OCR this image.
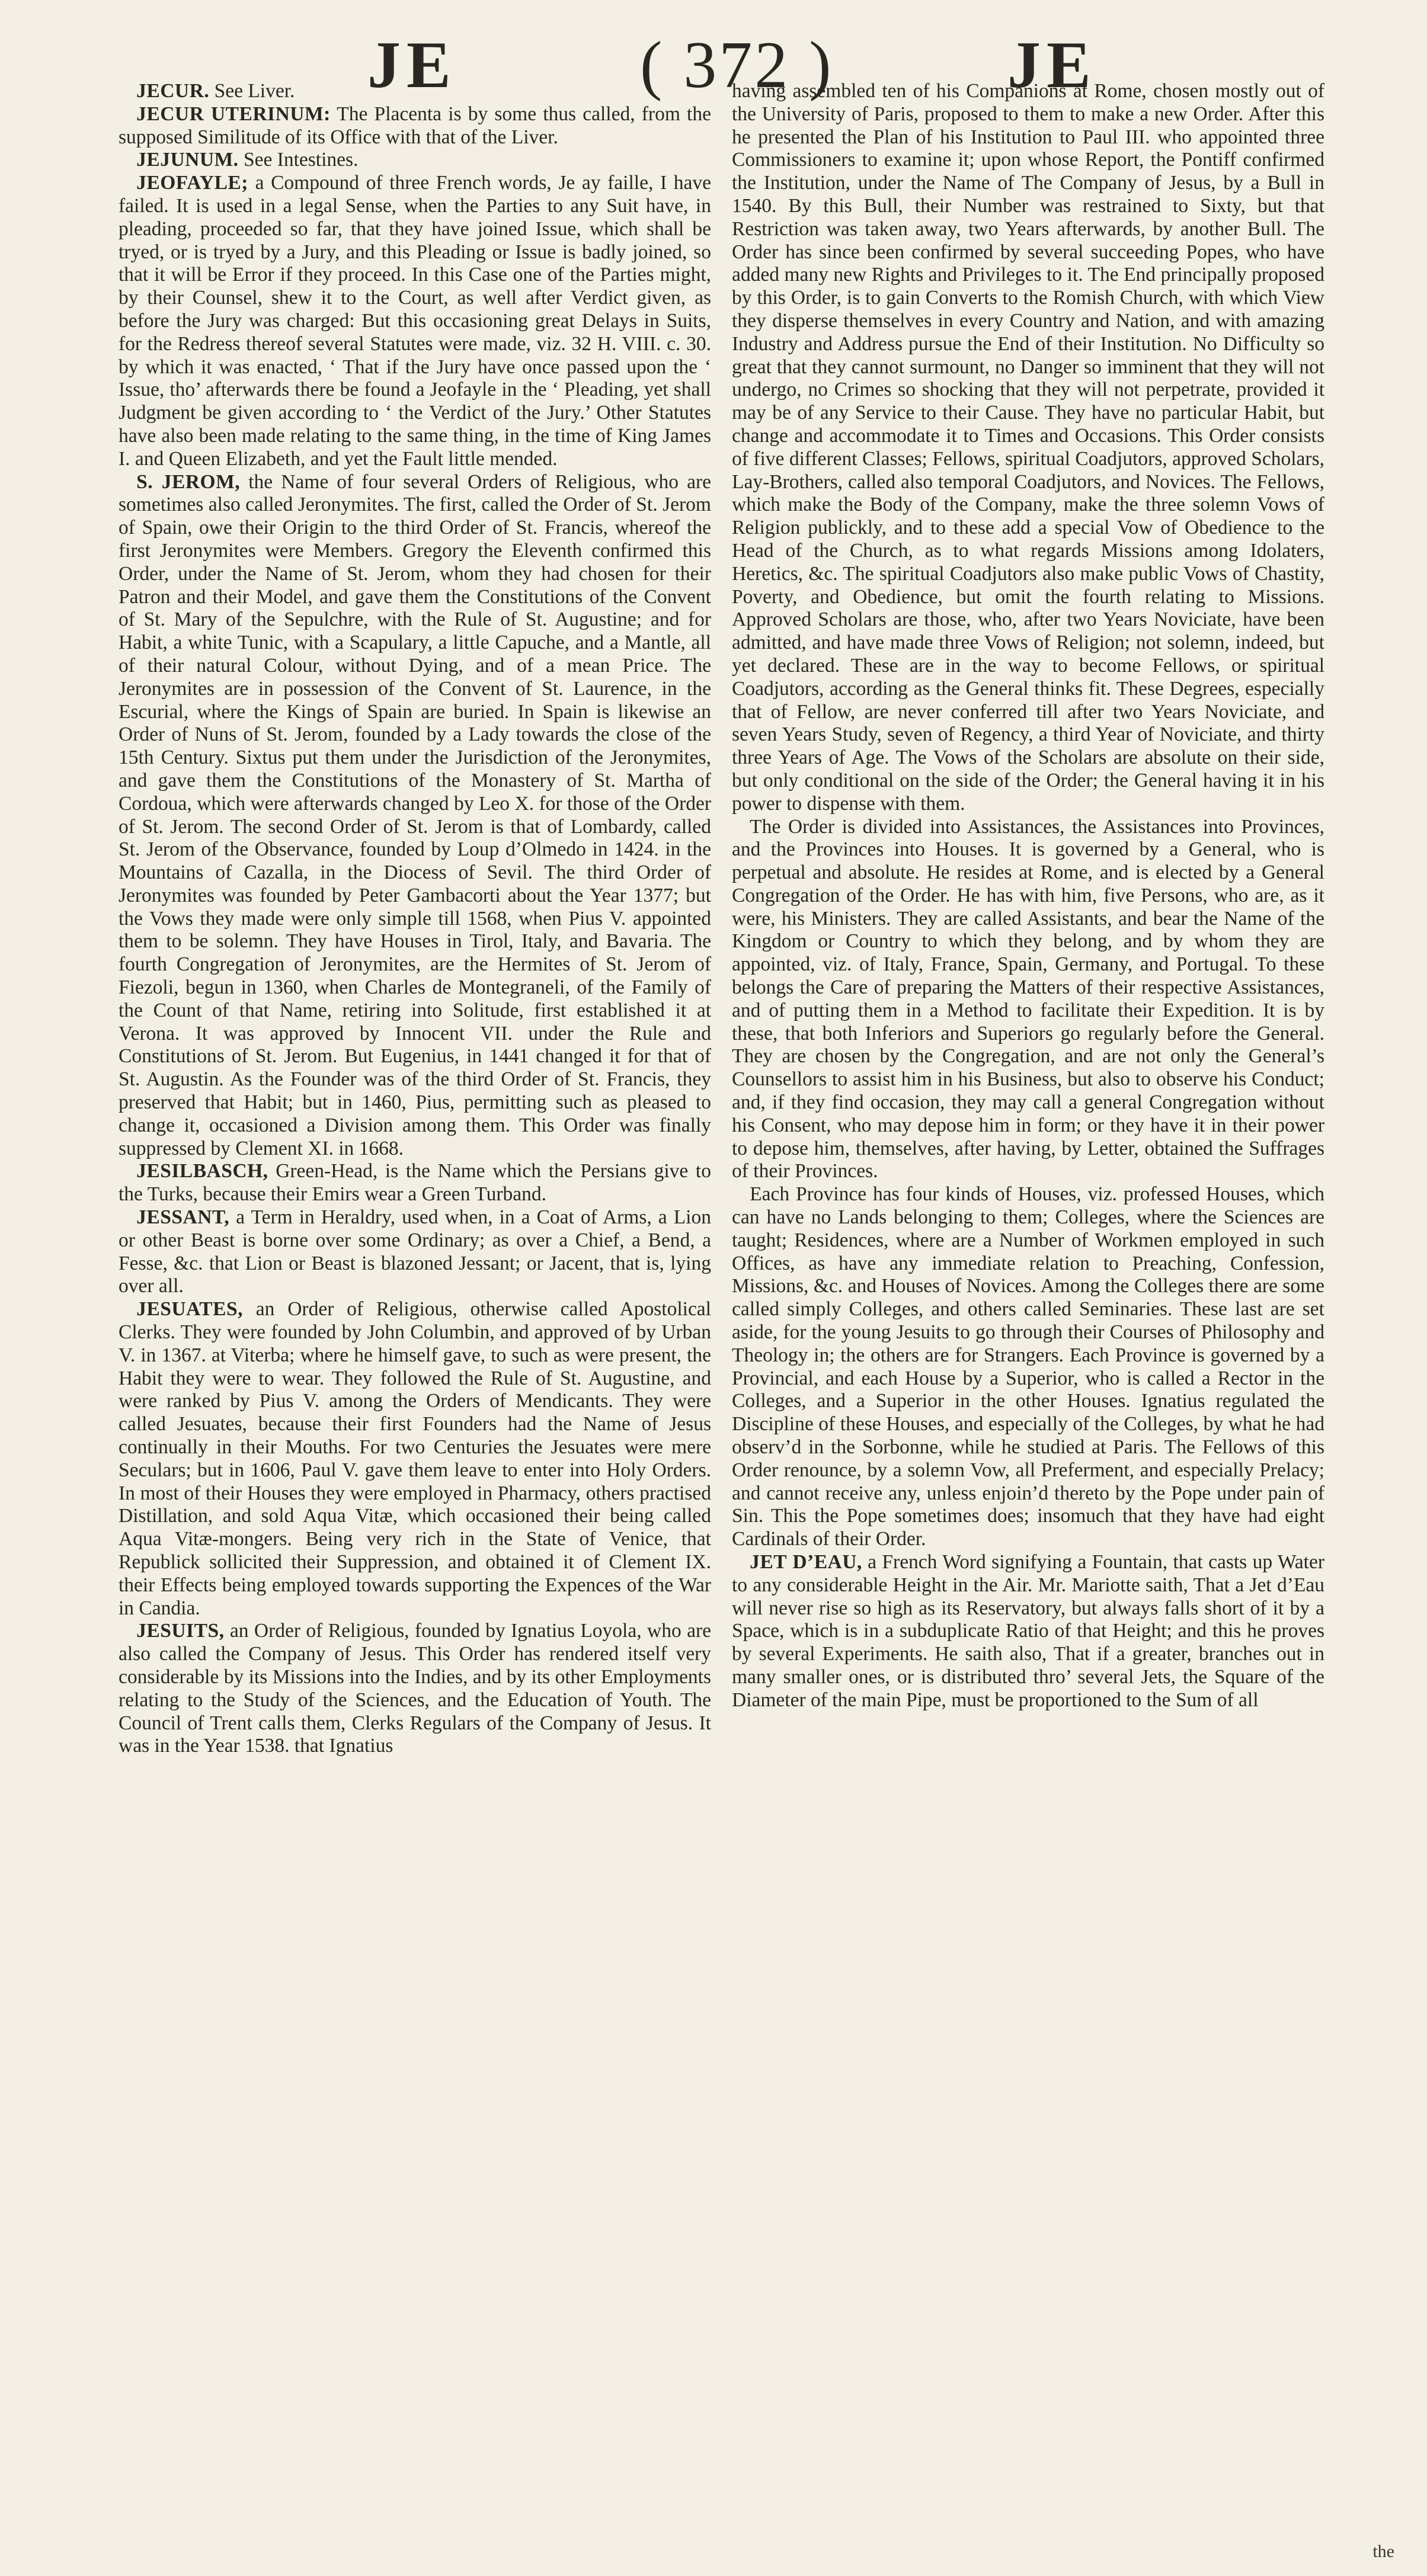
JE	( 372 )	JE

JECUR. See Liver.

JECUR UTERINUM: The Placenta is by some thus called, from the supposed Similitude of its Office with that of the Liver.

JEJUNUM. See Intestines.

JEOFAYLE; a Compound of three French words, Je ay faille, I have failed. It is used in a legal Sense, when the Parties to any Suit have, in pleading, proceeded so far, that they have joined Issue, which shall be tryed, or is tryed by a Jury, and this Pleading or Issue is badly joined, so that it will be Error if they proceed. In this Case one of the Parties might, by their Counsel, shew it to the Court, as well after Verdict given, as before the Jury was charged: But this occasioning great Delays in Suits, for the Redress thereof several Statutes were made, viz. 32 H. VIII. c. 30. by which it was enacted, ‘ That if the Jury have once passed upon the ‘ Issue, tho’ afterwards there be found a Jeofayle in the ‘ Pleading, yet shall Judgment be given according to ‘ the Verdict of the Jury.’ Other Statutes have also been made relating to the same thing, in the time of King James I. and Queen Elizabeth, and yet the Fault little mended.

S. JEROM, the Name of four several Orders of Religious, who are sometimes also called Jeronymites. The first, called the Order of St. Jerom of Spain, owe their Origin to the third Order of St. Francis, whereof the first Jeronymites were Members. Gregory the Eleventh confirmed this Order, under the Name of St. Jerom, whom they had chosen for their Patron and their Model, and gave them the Constitutions of the Convent of St. Mary of the Sepulchre, with the Rule of St. Augustine; and for Habit, a white Tunic, with a Scapulary, a little Capuche, and a Mantle, all of their natural Colour, without Dying, and of a mean Price. The Jeronymites are in possession of the Convent of St. Laurence, in the Escurial, where the Kings of Spain are buried. In Spain is likewise an Order of Nuns of St. Jerom, founded by a Lady towards the close of the 15th Century. Sixtus put them under the Jurisdiction of the Jeronymites, and gave them the Constitutions of the Monastery of St. Martha of Cordoua, which were afterwards changed by Leo X. for those of the Order of St. Jerom. The second Order of St. Jerom is that of Lombardy, called St. Jerom of the Observance, founded by Loup d’Olmedo in 1424. in the Mountains of Cazalla, in the Diocess of Sevil. The third Order of Jeronymites was founded by Peter Gambacorti about the Year 1377; but the Vows they made were only simple till 1568, when Pius V. appointed them to be solemn. They have Houses in Tirol, Italy, and Bavaria. The fourth Congregation of Jeronymites, are the Hermites of St. Jerom of Fiezoli, begun in 1360, when Charles de Montegraneli, of the Family of the Count of that Name, retiring into Solitude, first established it at Verona. It was approved by Innocent VII. under the Rule and Constitutions of St. Jerom. But Eugenius, in 1441 changed it for that of St. Augustin. As the Founder was of the third Order of St. Francis, they preserved that Habit; but in 1460, Pius, permitting such as pleased to change it, occasioned a Division among them. This Order was finally suppressed by Clement XI. in 1668.

JESILBASCH, Green-Head, is the Name which the Persians give to the Turks, because their Emirs wear a Green Turband.

JESSANT, a Term in Heraldry, used when, in a Coat of Arms, a Lion or other Beast is borne over some Ordinary; as over a Chief, a Bend, a Fesse, &c. that Lion or Beast is blazoned Jessant; or Jacent, that is, lying over all.

JESUATES, an Order of Religious, otherwise called Apostolical Clerks. They were founded by John Columbin, and approved of by Urban V. in 1367. at Viterba; where he himself gave, to such as were present, the Habit they were to wear. They followed the Rule of St. Augustine, and were ranked by Pius V. among the Orders of Mendicants. They were called Jesuates, because their first Founders had the Name of Jesus continually in their Mouths. For two Centuries the Jesuates were mere Seculars; but in 1606, Paul V. gave them leave to enter into Holy Orders. In most of their Houses they were employed in Pharmacy, others practised Distillation, and sold Aqua Vitæ, which occasioned their being called Aqua Vitæ-mongers. Being very rich in the State of Venice, that Republick sollicited their Suppression, and obtained it of Clement IX. their Effects being employed towards supporting the Expences of the War in Candia.

JESUITS, an Order of Religious, founded by Ignatius Loyola, who are also called the Company of Jesus. This Order has rendered itself very considerable by its Missions into the Indies, and by its other Employments relating to the Study of the Sciences, and the Education of Youth. The Council of Trent calls them, Clerks Regulars of the Company of Jesus. It was in the Year 1538. that Ignatius

having assembled ten of his Companions at Rome, chosen mostly out of the University of Paris, proposed to them to make a new Order. After this he presented the Plan of his Institution to Paul III. who appointed three Commissioners to examine it; upon whose Report, the Pontiff confirmed the Institution, under the Name of The Company of Jesus, by a Bull in 1540. By this Bull, their Number was restrained to Sixty, but that Restriction was taken away, two Years afterwards, by another Bull. The Order has since been confirmed by several succeeding Popes, who have added many new Rights and Privileges to it. The End principally proposed by this Order, is to gain Converts to the Romish Church, with which View they disperse themselves in every Country and Nation, and with amazing Industry and Address pursue the End of their Institution. No Difficulty so great that they cannot surmount, no Danger so imminent that they will not undergo, no Crimes so shocking that they will not perpetrate, provided it may be of any Service to their Cause. They have no particular Habit, but change and accommodate it to Times and Occasions. This Order consists of five different Classes; Fellows, spiritual Coadjutors, approved Scholars, Lay-Brothers, called also temporal Coadjutors, and Novices. The Fellows, which make the Body of the Company, make the three solemn Vows of Religion publickly, and to these add a special Vow of Obedience to the Head of the Church, as to what regards Missions among Idolaters, Heretics, &c. The spiritual Coadjutors also make public Vows of Chastity, Poverty, and Obedience, but omit the fourth relating to Missions. Approved Scholars are those, who, after two Years Noviciate, have been admitted, and have made three Vows of Religion; not solemn, indeed, but yet declared. These are in the way to become Fellows, or spiritual Coadjutors, according as the General thinks fit. These Degrees, especially that of Fellow, are never conferred till after two Years Noviciate, and seven Years Study, seven of Regency, a third Year of Noviciate, and thirty three Years of Age. The Vows of the Scholars are absolute on their side, but only conditional on the side of the Order; the General having it in his power to dispense with them.

The Order is divided into Assistances, the Assistances into Provinces, and the Provinces into Houses. It is governed by a General, who is perpetual and absolute. He resides at Rome, and is elected by a General Congregation of the Order. He has with him, five Persons, who are, as it were, his Ministers. They are called Assistants, and bear the Name of the Kingdom or Country to which they belong, and by whom they are appointed, viz. of Italy, France, Spain, Germany, and Portugal. To these belongs the Care of preparing the Matters of their respective Assistances, and of putting them in a Method to facilitate their Expedition. It is by these, that both Inferiors and Superiors go regularly before the General. They are chosen by the Congregation, and are not only the General’s Counsellors to assist him in his Business, but also to observe his Conduct; and, if they find occasion, they may call a general Congregation without his Consent, who may depose him in form; or they have it in their power to depose him, themselves, after having, by Letter, obtained the Suffrages of their Provinces.

Each Province has four kinds of Houses, viz. professed Houses, which can have no Lands belonging to them; Colleges, where the Sciences are taught; Residences, where are a Number of Workmen employed in such Offices, as have any immediate relation to Preaching, Confession, Missions, &c. and Houses of Novices. Among the Colleges there are some called simply Colleges, and others called Seminaries. These last are set aside, for the young Jesuits to go through their Courses of Philosophy and Theology in; the others are for Strangers. Each Province is governed by a Provincial, and each House by a Superior, who is called a Rector in the Colleges, and a Superior in the other Houses. Ignatius regulated the Discipline of these Houses, and especially of the Colleges, by what he had observ’d in the Sorbonne, while he studied at Paris. The Fellows of this Order renounce, by a solemn Vow, all Preferment, and especially Prelacy; and cannot receive any, unless enjoin’d thereto by the Pope under pain of Sin. This the Pope sometimes does; insomuch that they have had eight Cardinals of their Order.

JET D’EAU, a French Word signifying a Fountain, that casts up Water to any considerable Height in the Air. Mr. Mariotte saith, That a Jet d’Eau will never rise so high as its Reservatory, but always falls short of it by a Space, which is in a subduplicate Ratio of that Height; and this he proves by several Experiments. He saith also, That if a greater, branches out in many smaller ones, or is distributed thro’ several Jets, the Square of the Diameter of the main Pipe, must be proportioned to the Sum of all

the
